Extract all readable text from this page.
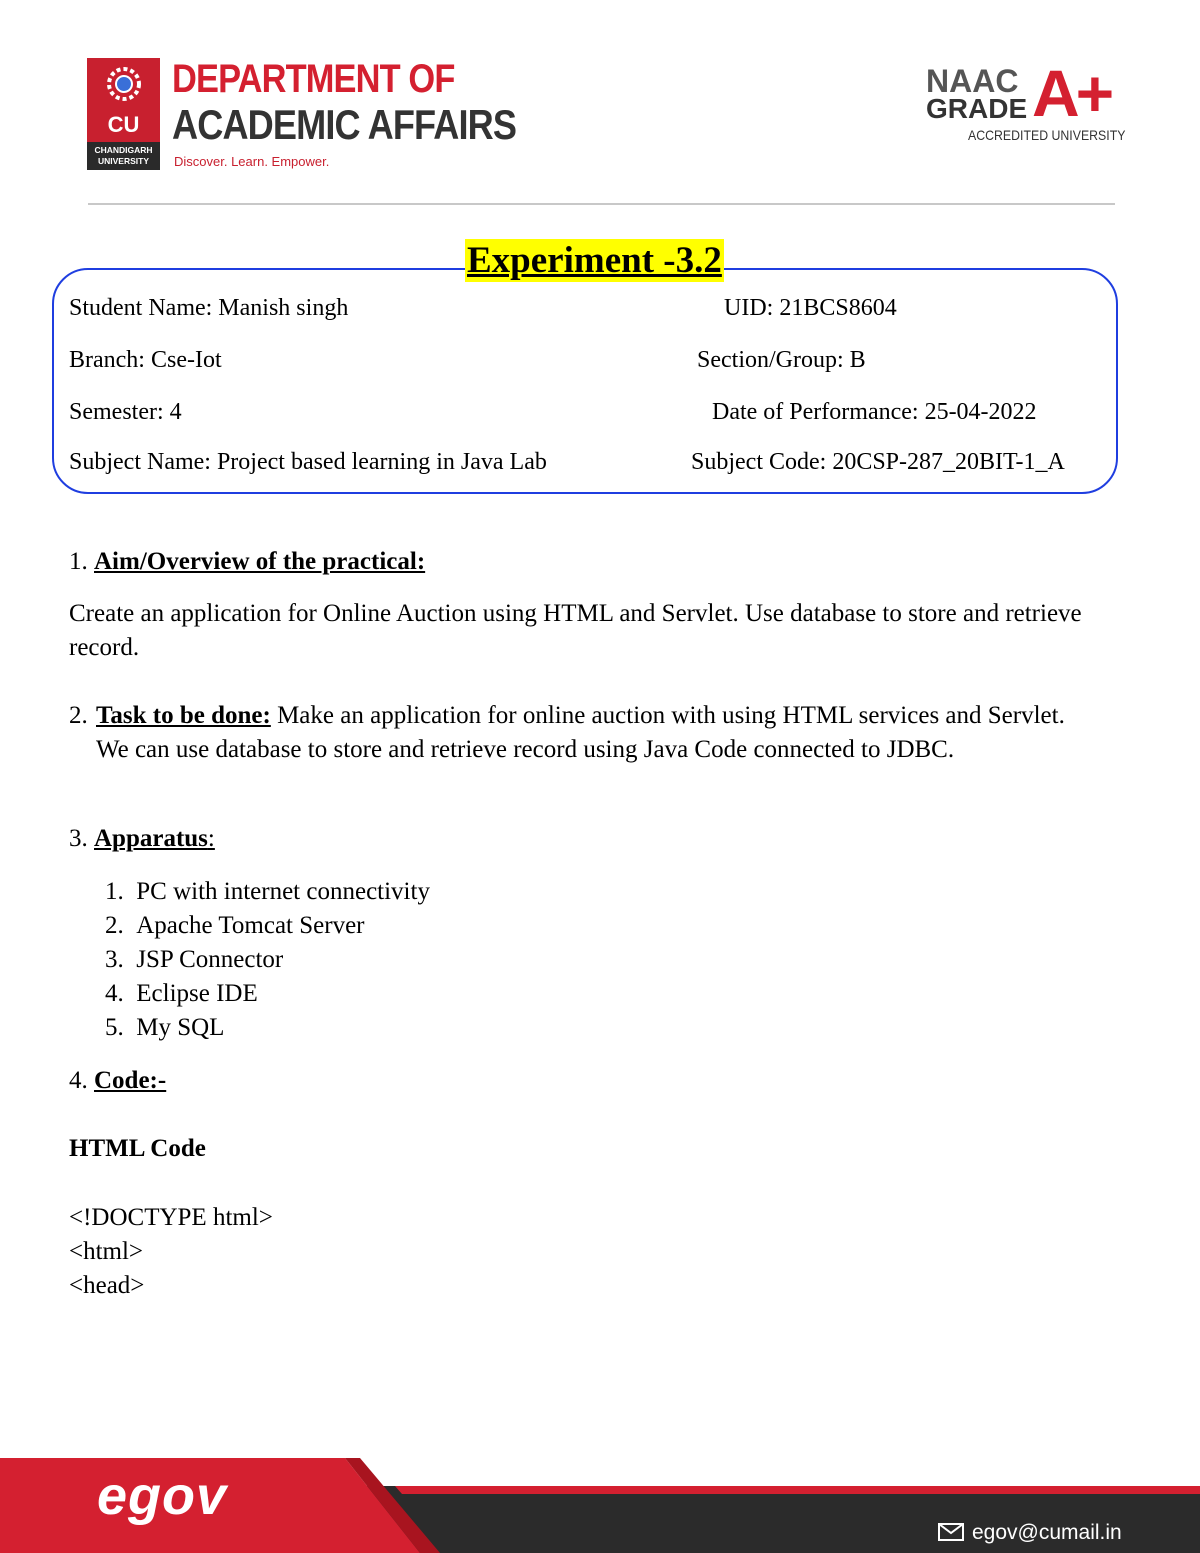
CU
CHANDIGARH
UNIVERSITY
DEPARTMENT OF
ACADEMIC AFFAIRS
Discover. Learn. Empower.
NAAC
GRADE A+
ACCREDITED UNIVERSITY
Experiment -3.2
Student Name: Manish singh	UID: 21BCS8604
Branch: Cse-Iot	Section/Group: B
Semester: 4	Date of Performance: 25-04-2022
Subject Name: Project based learning in Java Lab	Subject Code: 20CSP-287_20BIT-1_A
1. Aim/Overview of the practical:
Create an application for Online Auction using HTML and Servlet. Use database to store and retrieve record.
2. Task to be done: Make an application for online auction with using HTML services and Servlet. We can use database to store and retrieve record using Java Code connected to JDBC.
3. Apparatus:
1. PC with internet connectivity
2. Apache Tomcat Server
3. JSP Connector
4. Eclipse IDE
5. My SQL
4. Code:-
HTML Code
<!DOCTYPE html>
<html>
<head>
egov
egov@cumail.in
